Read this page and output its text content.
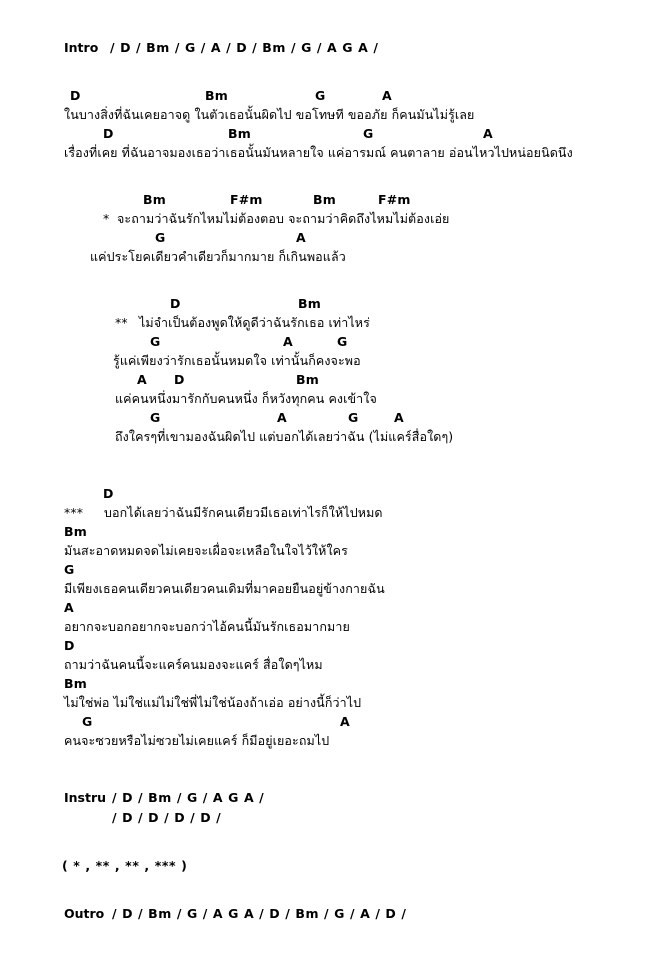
Intro

/ D / Bm / G / A / D / Bm / G / A G A /

D

	Bm

	G

	A

ในบางสิ่งที่ฉันเคยอาจดู ในตัวเธอนั้นผิดไป ขอโทษที ขออภัย ก็คนมันไม่รู้เลย

D

	Bm

	G

	A

เรื่องที่เคย ที่ฉันอาจมองเธอว่าเธอนั้นมันหลายใจ แค่อารมณ์ คนตาลาย อ่อนไหวไปหน่อยนิดนึง

Bm

	F#m

	Bm

	F#m

*

จะถามว่าฉันรักไหมไม่ต้องตอบ จะถามว่าคิดถึงไหมไม่ต้องเอ่ย

G

	A

แค่ประโยคเดียวคำเดียวก็มากมาย ก็เกินพอแล้ว

D

	Bm

**

ไม่จำเป็นต้องพูดให้ดูดีว่าฉันรักเธอ เท่าไหร่

G

	A

	G

รู้แค่เพียงว่ารักเธอนั้นหมดใจ เท่านั้นก็คงจะพอ

A

D

	Bm

แค่คนหนึ่งมารักกับคนหนึ่ง ก็หวังทุกคน คงเข้าใจ

G

	A

	G

	A

ถึงใครๆที่เขามองฉันผิดไป แต่บอกได้เลยว่าฉัน (ไม่แคร์สื่อใดๆ)

D

***

บอกได้เลยว่าฉันมีรักคนเดียวมีเธอเท่าไรก็ให้ไปหมด

Bm

มันสะอาดหมดจดไม่เคยจะเผื่อจะเหลือในใจไว้ให้ใคร

G

มีเพียงเธอคนเดียวคนเดียวคนเดิมที่มาคอยยืนอยู่ข้างกายฉัน

A

อยากจะบอกอยากจะบอกว่าไอ้คนนี้มันรักเธอมากมาย

D

ถามว่าฉันคนนี้จะแคร์คนมองจะแคร์ สื่อใดๆไหม

Bm

ไม่ใช่พ่อ ไม่ใช่แม่ไม่ใช่พี่ไม่ใช่น้องถ้าเอ่อ อย่างนี้ก็ว่าไป

G

	A

คนจะซวยหรือไม่ซวยไม่เคยแคร์ ก็มีอยู่เยอะถมไป

Instru

/ D / Bm / G / A G A /

/ D / D / D / D /

( * , ** , ** , *** )

Outro

/ D / Bm / G / A G A / D / Bm / G / A / D /
